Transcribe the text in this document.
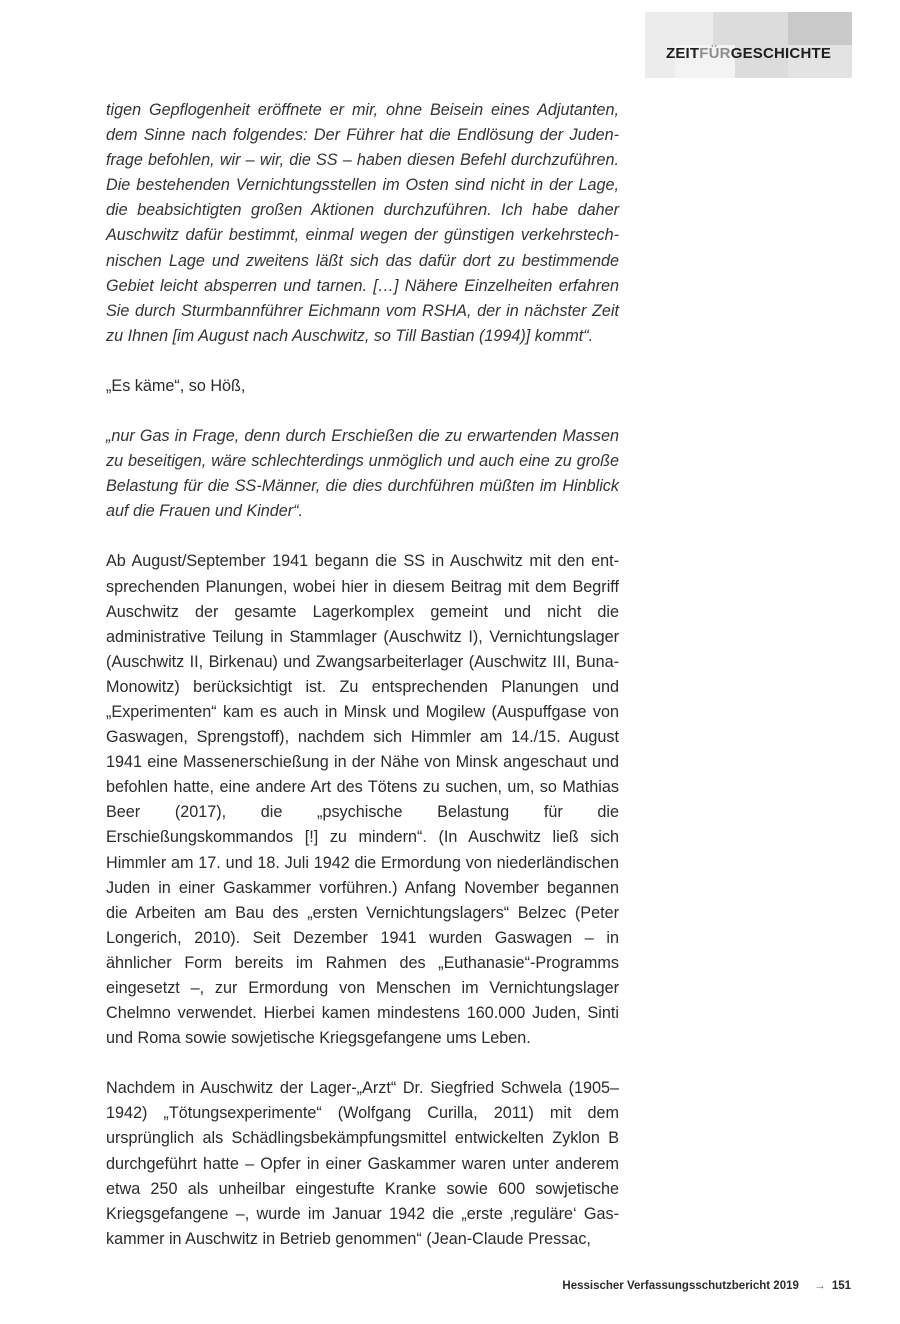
ZEITFÜRGESCHICHTE

tigen Gepflogenheit eröffnete er mir, ohne Beisein eines Adjutanten, dem Sinne nach folgendes: Der Führer hat die Endlösung der Judenfrage befohlen, wir – wir, die SS – haben diesen Befehl durchzuführen. Die bestehenden Vernichtungsstellen im Osten sind nicht in der Lage, die beabsichtigten großen Aktionen durchzuführen. Ich habe daher Auschwitz dafür bestimmt, einmal wegen der günstigen verkehrstechnischen Lage und zweitens läßt sich das dafür dort zu bestimmende Gebiet leicht absperren und tarnen. […] Nähere Einzelheiten erfahren Sie durch Sturmbannführer Eichmann vom RSHA, der in nächster Zeit zu Ihnen [im August nach Auschwitz, so Till Bastian (1994)] kommt“.

„Es käme“, so Höß,

„nur Gas in Frage, denn durch Erschießen die zu erwartenden Massen zu beseitigen, wäre schlechterdings unmöglich und auch eine zu große Belastung für die SS-Männer, die dies durchführen müßten im Hinblick auf die Frauen und Kinder“.

Ab August/September 1941 begann die SS in Auschwitz mit den entsprechenden Planungen, wobei hier in diesem Beitrag mit dem Begriff Auschwitz der gesamte Lagerkomplex gemeint und nicht die administrative Teilung in Stammlager (Auschwitz I), Vernichtungslager (Auschwitz II, Birkenau) und Zwangsarbeiterlager (Auschwitz III, Buna-Monowitz) berücksichtigt ist. Zu entsprechenden Planungen und „Experimenten“ kam es auch in Minsk und Mogilew (Auspuffgase von Gaswagen, Sprengstoff), nachdem sich Himmler am 14./15. August 1941 eine Massenerschießung in der Nähe von Minsk angeschaut und befohlen hatte, eine andere Art des Tötens zu suchen, um, so Mathias Beer (2017), die „psychische Belastung für die Erschießungskommandos [!] zu mindern“. (In Auschwitz ließ sich Himmler am 17. und 18. Juli 1942 die Ermordung von niederländischen Juden in einer Gaskammer vorführen.) Anfang November begannen die Arbeiten am Bau des „ersten Vernichtungslagers“ Belzec (Peter Longerich, 2010). Seit Dezember 1941 wurden Gaswagen – in ähnlicher Form bereits im Rahmen des „Euthanasie“-Programms eingesetzt –, zur Ermordung von Menschen im Vernichtungslager Chelmno verwendet. Hierbei kamen mindestens 160.000 Juden, Sinti und Roma sowie sowjetische Kriegsgefangene ums Leben.

Nachdem in Auschwitz der Lager-„Arzt“ Dr. Siegfried Schwela (1905–1942) „Tötungsexperimente“ (Wolfgang Curilla, 2011) mit dem ursprünglich als Schädlingsbekämpfungsmittel entwickelten Zyklon B durchgeführt hatte – Opfer in einer Gaskammer waren unter anderem etwa 250 als unheilbar eingestufte Kranke sowie 600 sowjetische Kriegsgefangene –, wurde im Januar 1942 die „erste ‚reguläre‘ Gaskammer in Auschwitz in Betrieb genommen“ (Jean-Claude Pressac,

Hessischer Verfassungsschutzbericht 2019 → 151
